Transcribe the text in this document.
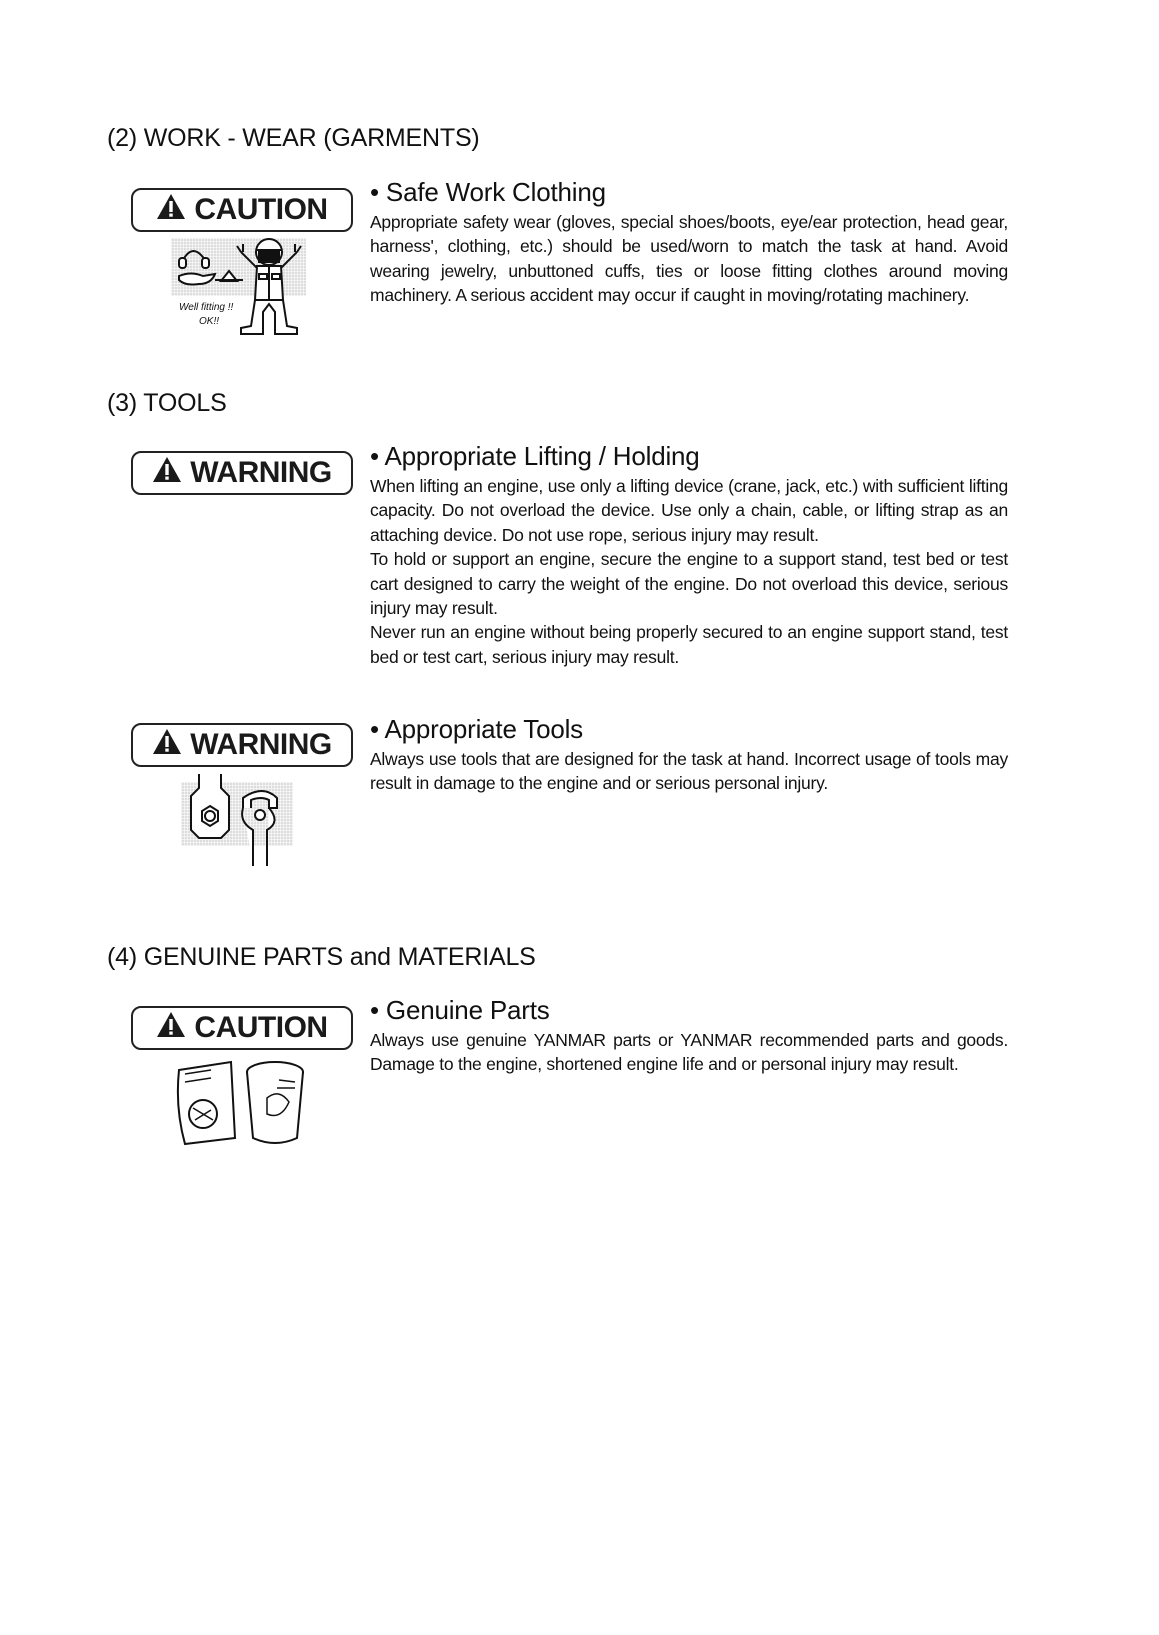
(2) WORK - WEAR (GARMENTS)
CAUTION
Well fitting !!
OK!!
• Safe Work Clothing

Appropriate safety wear (gloves, special shoes/boots, eye/ear protection, head gear, harness', clothing, etc.) should be used/worn to match the task at hand. Avoid wearing jewelry, unbuttoned cuffs, ties or loose fitting clothes around moving machinery. A serious accident may occur if caught in moving/rotating machinery.

(3) TOOLS
WARNING • Appropriate Lifting / Holding

When lifting an engine, use only a lifting device (crane, jack, etc.) with sufficient lifting capacity. Do not overload the device. Use only a chain, cable, or lifting strap as an attaching device. Do not use rope, serious injury may result.

To hold or support an engine, secure the engine to a support stand, test bed or test cart designed to carry the weight of the engine. Do not overload this device, serious injury may result.

Never run an engine without being properly secured to an engine support stand, test bed or test cart, serious injury may result.

WARNING • Appropriate Tools

Always use tools that are designed for the task at hand. Incorrect usage of tools may result in damage to the engine and or serious personal injury.

(4) GENUINE PARTS and MATERIALS
CAUTION
• Genuine Parts

Always use genuine YANMAR parts or YANMAR recommended parts and goods. Damage to the engine, shortened engine life and or personal injury may result.
